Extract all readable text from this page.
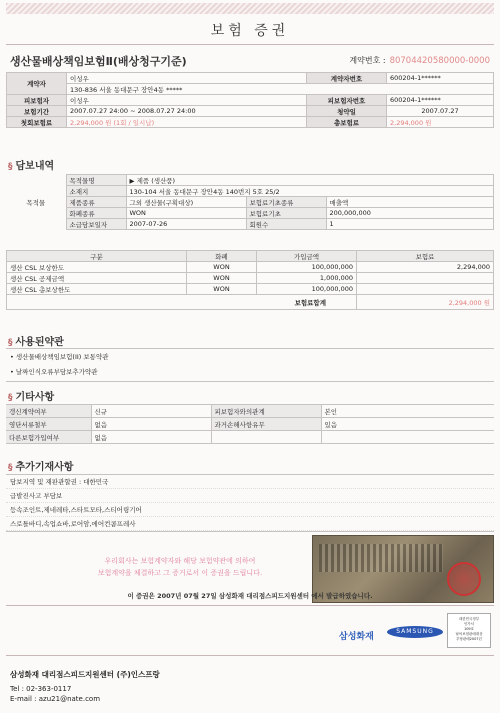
보험 증권
생산물배상책임보험Ⅱ(배상청구기준)	계약번호 : 80704420580000-0000
계약자	이성우	계약자번호	600204-1******
	130-836 서울 동대문구 장안4동 *****		
피보험자	이성우	피보험자번호	600204-1******
보험기간	2007.07.27 24:00 ~ 2008.07.27 24:00	청약일	2007.07.27
첫회보험료	2,294,000 원 (1회 / 일시납)	총보험료	2,294,000 원
§ 담보내역
목적물	목적물명	▶ 제품 (생산품)		
	소재지	130-104 서울 동대문구 장안4동 140번지 5호 25/2		
	제품종류	그외 생산물(구획대상)	보험료기초종류	매출액
	화폐종류	WON	보험료기초	200,000,000
	소급담보일자	2007-07-26	회원수	1
구분	화폐	가입금액	보험료
생산 CSL 보상한도	WON	100,000,000	2,294,000
생산 CSL 공제금액	WON	1,000,000	
생산 CSL 총보상한도	WON	100,000,000	
보험료합계			2,294,000 원
§ 사용된약관
• 생산물배상책임보험(II) 보통약관
• 날짜인식오류부담보추가약관
§ 기타사항
갱신계약여부	신규	피보험자와의관계	본인
영단서류철부	없음	과거손해사항유무	있음
다른보험가입여부	없음		
§ 추가기재사항
담보지역 및 재판관할권 : 대한민국
급발진사고 부담보
등속조인트,제네레타,스타트모타,스티어링기어
스로틀바디,속업쇼바,로어암,에어컨콤프레사
우리회사는 보험계약자와 해당 보험약관에 의하여
보험계약을 체결하고 그 증거로서 이 증권을 드립니다.
이 증권은 2007년 07월 27일 삼성화재 대리점스피드지원센터 에서 발급하였습니다.
삼성화재
SAMSUNG
대한민국정부
인가서
109호
날씨보험판매대상
부당판매2007년
삼성화재 대리점스피드지원센터 (주)인스프랑
Tel : 02-363-0117
E-mail : azu21@nate.com
